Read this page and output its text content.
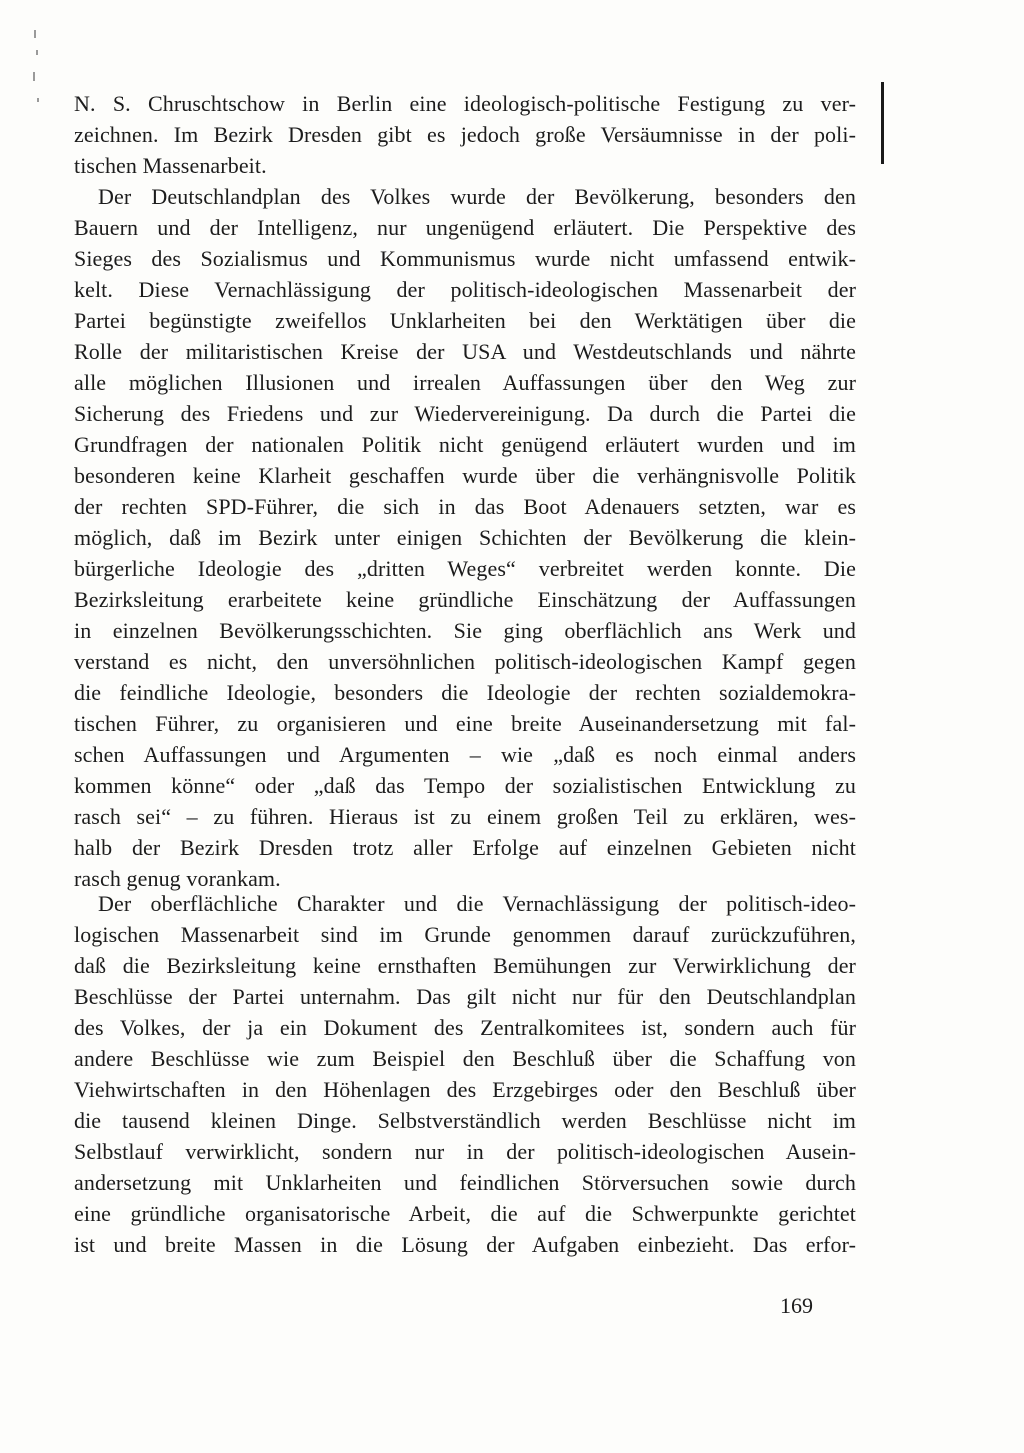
N. S. Chruschtschow in Berlin eine ideologisch-politische Festigung zu ver-
zeichnen. Im Bezirk Dresden gibt es jedoch große Versäumnisse in der poli-
tischen Massenarbeit.
Der Deutschlandplan des Volkes wurde der Bevölkerung, besonders den
Bauern und der Intelligenz, nur ungenügend erläutert. Die Perspektive des
Sieges des Sozialismus und Kommunismus wurde nicht umfassend entwik-
kelt. Diese Vernachlässigung der politisch-ideologischen Massenarbeit der
Partei begünstigte zweifellos Unklarheiten bei den Werktätigen über die
Rolle der militaristischen Kreise der USA und Westdeutschlands und nährte
alle möglichen Illusionen und irrealen Auffassungen über den Weg zur
Sicherung des Friedens und zur Wiedervereinigung. Da durch die Partei die
Grundfragen der nationalen Politik nicht genügend erläutert wurden und im
besonderen keine Klarheit geschaffen wurde über die verhängnisvolle Politik
der rechten SPD-Führer, die sich in das Boot Adenauers setzten, war es
möglich, daß im Bezirk unter einigen Schichten der Bevölkerung die klein-
bürgerliche Ideologie des „dritten Weges“ verbreitet werden konnte. Die
Bezirksleitung erarbeitete keine gründliche Einschätzung der Auffassungen
in einzelnen Bevölkerungsschichten. Sie ging oberflächlich ans Werk und
verstand es nicht, den unversöhnlichen politisch-ideologischen Kampf gegen
die feindliche Ideologie, besonders die Ideologie der rechten sozialdemokra-
tischen Führer, zu organisieren und eine breite Auseinandersetzung mit fal-
schen Auffassungen und Argumenten – wie „daß es noch einmal anders
kommen könne“ oder „daß das Tempo der sozialistischen Entwicklung zu
rasch sei“ – zu führen. Hieraus ist zu einem großen Teil zu erklären, wes-
halb der Bezirk Dresden trotz aller Erfolge auf einzelnen Gebieten nicht
rasch genug vorankam.
Der oberflächliche Charakter und die Vernachlässigung der politisch-ideo-
logischen Massenarbeit sind im Grunde genommen darauf zurückzuführen,
daß die Bezirksleitung keine ernsthaften Bemühungen zur Verwirklichung der
Beschlüsse der Partei unternahm. Das gilt nicht nur für den Deutschlandplan
des Volkes, der ja ein Dokument des Zentralkomitees ist, sondern auch für
andere Beschlüsse wie zum Beispiel den Beschluß über die Schaffung von
Viehwirtschaften in den Höhenlagen des Erzgebirges oder den Beschluß über
die tausend kleinen Dinge. Selbstverständlich werden Beschlüsse nicht im
Selbstlauf verwirklicht, sondern nur in der politisch-ideologischen Ausein-
andersetzung mit Unklarheiten und feindlichen Störversuchen sowie durch
eine gründliche organisatorische Arbeit, die auf die Schwerpunkte gerichtet
ist und breite Massen in die Lösung der Aufgaben einbezieht. Das erfor-
169
